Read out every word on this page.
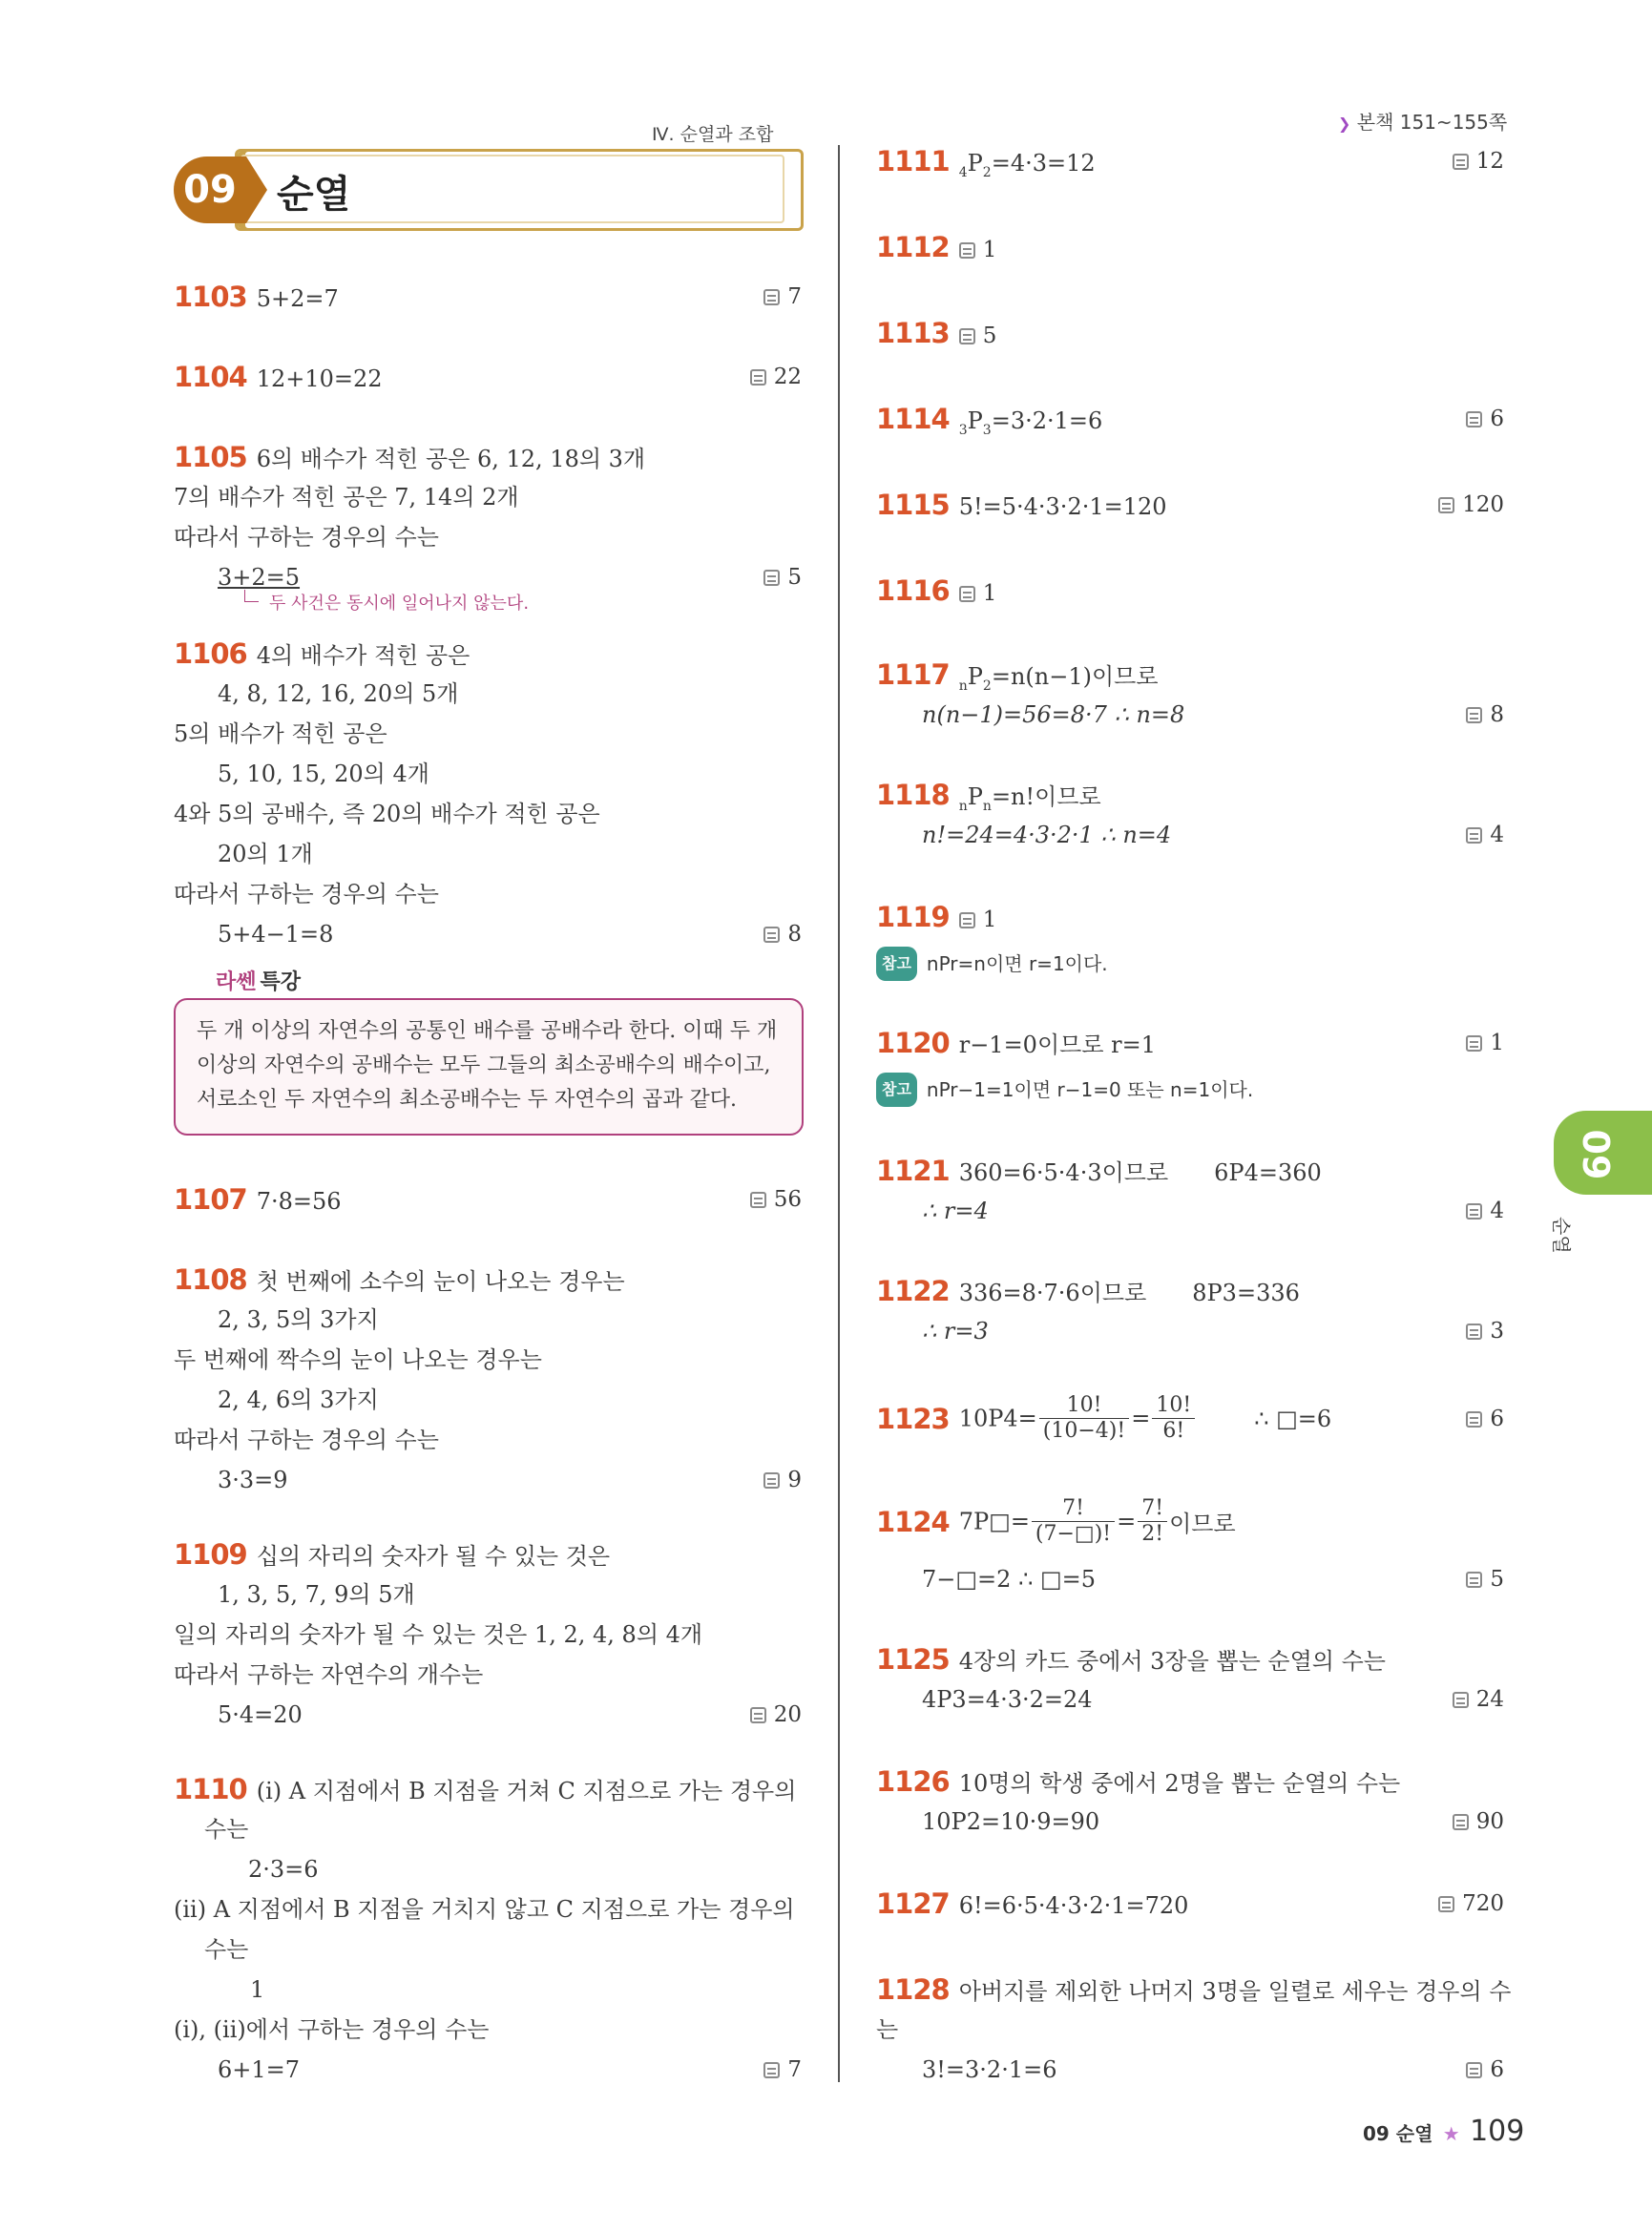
Ⅳ. 순열과 조합
❯ 본책 151~155쪽
09 순열
09
순열
1103 5+2=7	7
1104 12+10=22	22
1105 6의 배수가 적힌 공은 6, 12, 18의 3개
7의 배수가 적힌 공은 7, 14의 2개
따라서 구하는 경우의 수는
3+2=5
두 사건은 동시에 일어나지 않는다.
5
1106 4의 배수가 적힌 공은
4, 8, 12, 16, 20의 5개
5의 배수가 적힌 공은
5, 10, 15, 20의 4개
4와 5의 공배수, 즉 20의 배수가 적힌 공은
20의 1개
따라서 구하는 경우의 수는
5+4−1=8	8
라쎈 특강
두 개 이상의 자연수의 공통인 배수를 공배수라 한다. 이때 두 개
이상의 자연수의 공배수는 모두 그들의 최소공배수의 배수이고,
서로소인 두 자연수의 최소공배수는 두 자연수의 곱과 같다.
1107 7·8=56	56
1108 첫 번째에 소수의 눈이 나오는 경우는
2, 3, 5의 3가지
두 번째에 짝수의 눈이 나오는 경우는
2, 4, 6의 3가지
따라서 구하는 경우의 수는
3·3=9	9
1109 십의 자리의 숫자가 될 수 있는 것은
1, 3, 5, 7, 9의 5개
일의 자리의 숫자가 될 수 있는 것은 1, 2, 4, 8의 4개
따라서 구하는 자연수의 개수는
5·4=20	20
1110 (i) A 지점에서 B 지점을 거쳐 C 지점으로 가는 경우의
수는
2·3=6
(ii) A 지점에서 B 지점을 거치지 않고 C 지점으로 가는 경우의
수는
1
(i), (ii)에서 구하는 경우의 수는
6+1=7	7
1111 $_4P_2=4\cdot 3=12$	12
1112 1
1113 5
1114 $_3P_3=3\cdot 2\cdot 1=6$	6
1115 5!=5·4·3·2·1=120	120
1116 1
1117 $_nP_2=n(n-1)$이므로
n(n−1)=56=8·7 ∴ n=8	8
1118 $_nP_n=n$!이므로
n!=24=4·3·2·1 ∴ n=4	4
1119 1
참고 nPr=n이면 r=1이다.
1120 r−1=0이므로 r=1	1
참고 nPr−1=1이면 r−1=0 또는 n=1이다.
1121 360=6·5·4·3이므로 6P4=360
∴ r=4	4
1122 336=8·7·6이므로 8P3=336
∴ r=3	3
1123 $10P4= \frac{10!}{(10-4)!} = \frac{10!}{6!}$	∴ □=6	6
1124 7P□= $\frac{7!}{(7-□)!} = \frac{7!}{2!}$ 이므로
7−□=2 ∴ □=5	5
1125 4장의 카드 중에서 3장을 뽑는 순열의 수는
4P3=4·3·2=24	24
1126 10명의 학생 중에서 2명을 뽑는 순열의 수는
10P2=10·9=90	90
1127 6!=6·5·4·3·2·1=720	720
1128 아버지를 제외한 나머지 3명을 일렬로 세우는 경우의 수
는
3!=3·2·1=6	6
09 순열 ★ 109
